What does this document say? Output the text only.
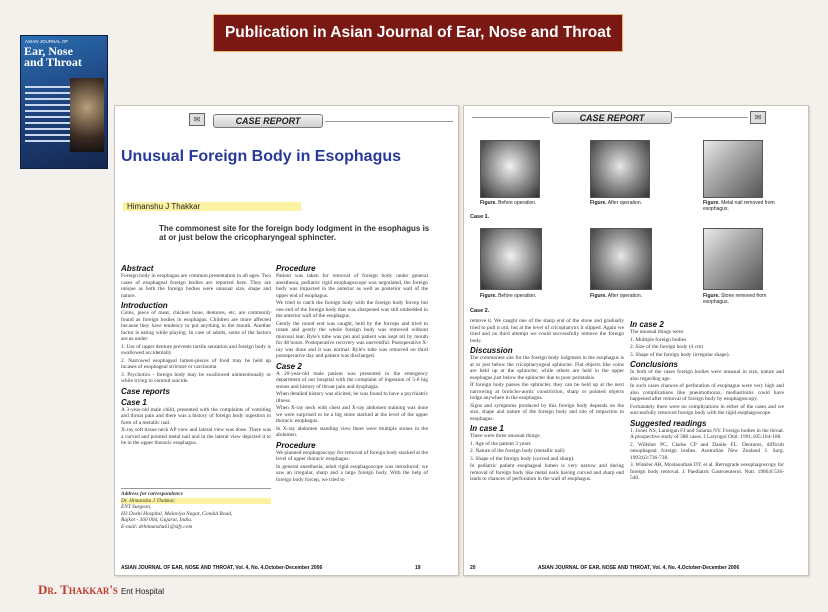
Publication in Asian Journal of Ear, Nose and Throat
ASIAN JOURNAL OF
Ear, Nose and Throat
✉	CASE REPORT
Unusual Foreign Body in Esophagus
Himanshu J Thakkar
The commonest site for the foreign body lodgment in the esophagus is at or just below the cricopharyngeal sphincter.
Abstract
Foreign body in esophagus are common presentation in all ages. Two cases of esophageal foreign bodies are reported here. They are unique as both the foreign bodies were unusual size, shape and nature.
Introduction
Coins, piece of meat, chicken bone, dentures, etc. are commonly found as foreign bodies in esophagus. Children are more affected because they have tendency to put anything in the mouth. Another factor is eating while playing. In case of adults, some of the factors are as under:
1. Use of upper denture prevents tactile sensation and foreign body is swallowed accidentally
2. Narrowed esophageal lumen-pieces of food may be held up incases of esophageal stricture or carcinoma
3. Psychotics - foreign body may be swallowed unintentionally or while trying to commit suicide.
Case reports
Case 1
A 3-year-old male child, presented with the complaints of vomiting and throat pain and there was a history of foreign body ingestion in form of a metallic nail.
X-ray soft tissue neck AP view and lateral view was done. There was a curved and pointed metal nail and in the lateral view depicted it to be in the upper thoracic esophagus.
Address for correspondence
Dr. Himanshu J Thakkar,
ENT Surgeon,
H3 Doshi Hospital, Malaviya Nagar, Gondal Road,
Rajkot - 360 004, Gujarat, India.
E-mail: drhimanshu61@sify.com
Procedure
Patient was taken for removal of foreign body under general anesthesia, pediatric rigid esophagoscope was negotiated, the foreign body was impacted in the anterior as well as posterior wall of the upper end of esophagus.
We tried to catch the foreign body with the foreign body forcep but one end of the foreign body that was sharpened was still embedded in the anterior wall of the esophagus.
Gently the round end was caught, held by the forceps and tried to rotate and gently the whole foreign body was removed without mucosal tear. Ryle's tube was put and patient was kept nil by mouth for 48 hours. Postoperative recovery was uneventful. Postoperative X-ray was done and it was normal. Ryle's tube was removed on third postoperative day and patient was discharged.
Case 2
A 20-year-old male patient was presented in the emergency department of our hospital with the complaint of ingestion of 5-6 big stones and history of throat pain and dysphagia.
When detailed history was elicited, he was found to have a psychiatric illness.
When X-ray neck with chest and X-ray abdomen staining was done we were surprised to be a big stone stacked at the level of the upper thoracic esophagus.
In X-ray abdomen standing view there were multiple stones in the abdomen.
Procedure
We planned esophagoscopy for removal of foreign body stacked at the level of upper thoracic esophagus.
In general anesthesia, adult rigid esophagoscope was introduced; we saw an irregular, sharp and a large foreign body. With the help of foreign body forcep, we tried to
ASIAN JOURNAL OF EAR, NOSE AND THROAT, Vol. 4, No. 4,October-December 2006	19
CASE REPORT	✉
Figure. Before operation.	Figure. After operation.	Figure. Metal nail removed from esophagus.
Case 1.
Figure. Before operation.	Figure. After operation.	Figure. Stone removed from esophagus.
Case 2.
remove it. We caught one of the sharp end of the stone and gradually tried to pull it out, but at the level of cricopharynx it slipped. Again we tried and on third attempt we could successfully remove the foreign body.
Discussion
The commonest site for the foreign body lodgment in the esophagus is at or just below the cricopharyngeal sphincter. Flat objects like coins are held up at the sphincter, while others are held in the upper esophagus just below the sphincter due to poor peristalsis.
If foreign body passes the sphincter, they can be held up at the next narrowing at broncho-aortic constriction, sharp or pointed objects lodge anywhere in the esophagus.
Signs and symptoms produced by this foreign body depends on the size, shape and nature of the foreign body and site of impaction in esophagus.
In case 1
There were three unusual things:
1. Age of the patient 3 years
2. Nature of the foreign body (metallic nail)
3. Shape of the foreign body (curved and sharp).
In pediatric patient esophageal lumen is very narrow and during removal of foreign body like metal nails having curved and sharp end leads to chances of perforation in the wall of esophagus.
In case 2
The unusual things were:
1. Multiple foreign bodies
2. Size of the foreign body (4 cm)
3. Shape of the foreign body (irregular shape).
Conclusions
In both of the cases foreign bodies were unusual in size, nature and also regarding age.
In such cases chances of perforation of esophagus were very high and also complications like pneumothorax, mediastinitis could have happened after removal of foreign body by esophagoscopy.
Fortunately there were no complications in either of the cases and we successfully removed foreign body with the rigid esophagoscope.
Suggested readings
1. Jones NS, Lannigan FJ and Salama NY. Foreign bodies in the throat. A prospective study of 388 cases. J Laryngol Otol. 1991;105:104-108.
2. Willsher PC, Clarke CP and Danile FL. Dentures, difficult oesophageal foreign bodies. Australian New Zealand J. Surg. 1993;63:736-738.
3. Winkler AR, Mcelaouthan DT, et al. Retrograde oesophagoscopy for foreign body removal. J. Paediatric Gastroenterol. Nutr. 1986;8:536-540.
20	ASIAN JOURNAL OF EAR, NOSE AND THROAT, Vol. 4, No. 4,October-December 2006
Dr. Thakkar's Ent Hospital
